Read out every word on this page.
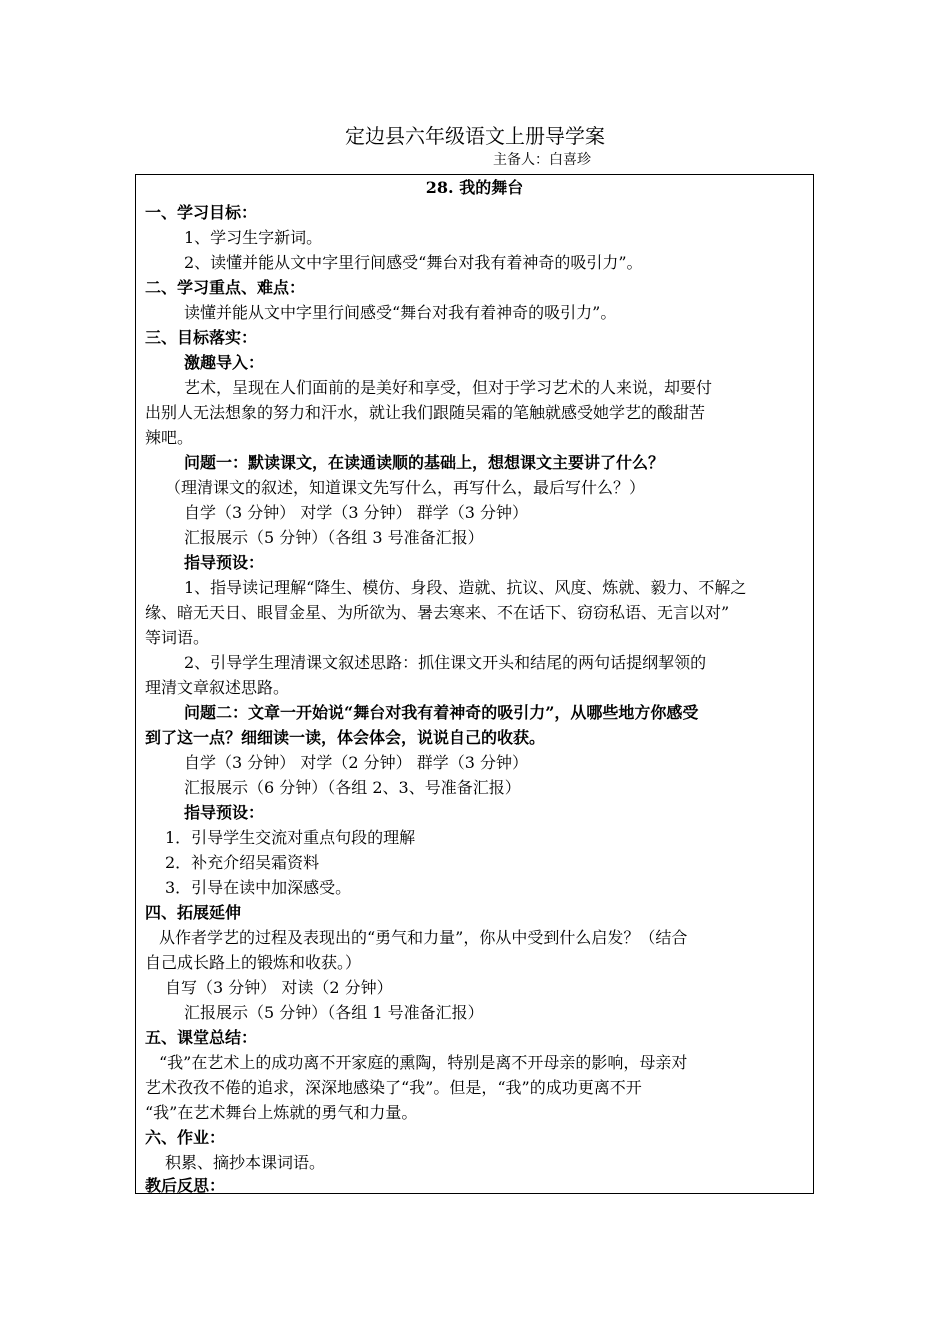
定边县六年级语文上册导学案
主备人：白喜珍
28. 我的舞台
一、学习目标：
1、学习生字新词。
2、读懂并能从文中字里行间感受“舞台对我有着神奇的吸引力”。
二、学习重点、难点：
读懂并能从文中字里行间感受“舞台对我有着神奇的吸引力”。
三、目标落实：
激趣导入：
艺术，呈现在人们面前的是美好和享受，但对于学习艺术的人来说，却要付
出别人无法想象的努力和汗水，就让我们跟随吴霜的笔触就感受她学艺的酸甜苦
辣吧。
问题一：默读课文，在读通读顺的基础上，想想课文主要讲了什么？
（理清课文的叙述，知道课文先写什么，再写什么，最后写什么？）
自学（3 分钟） 对学（3 分钟） 群学（3 分钟）
汇报展示（5 分钟）（各组 3 号准备汇报）
指导预设：
1、指导读记理解“降生、模仿、身段、造就、抗议、风度、炼就、毅力、不解之
缘、暗无天日、眼冒金星、为所欲为、暑去寒来、不在话下、窃窃私语、无言以对”
等词语。
2、引导学生理清课文叙述思路：抓住课文开头和结尾的两句话提纲挈领的
理清文章叙述思路。
问题二：文章一开始说“舞台对我有着神奇的吸引力”，从哪些地方你感受
到了这一点？细细读一读，体会体会，说说自己的收获。
自学（3 分钟） 对学（2 分钟） 群学（3 分钟）
汇报展示（6 分钟）（各组 2、3、号准备汇报）
指导预设：
1．引导学生交流对重点句段的理解
2．补充介绍吴霜资料
3．引导在读中加深感受。
四、拓展延伸
从作者学艺的过程及表现出的“勇气和力量”，你从中受到什么启发？（结合
自己成长路上的锻炼和收获。）
自写（3 分钟） 对读（2 分钟）
汇报展示（5 分钟）（各组 1 号准备汇报）
五、课堂总结：
“我”在艺术上的成功离不开家庭的熏陶，特别是离不开母亲的影响，母亲对
艺术孜孜不倦的追求，深深地感染了“我”。但是，“我”的成功更离不开
“我”在艺术舞台上炼就的勇气和力量。
六、作业：
积累、摘抄本课词语。
教后反思：
